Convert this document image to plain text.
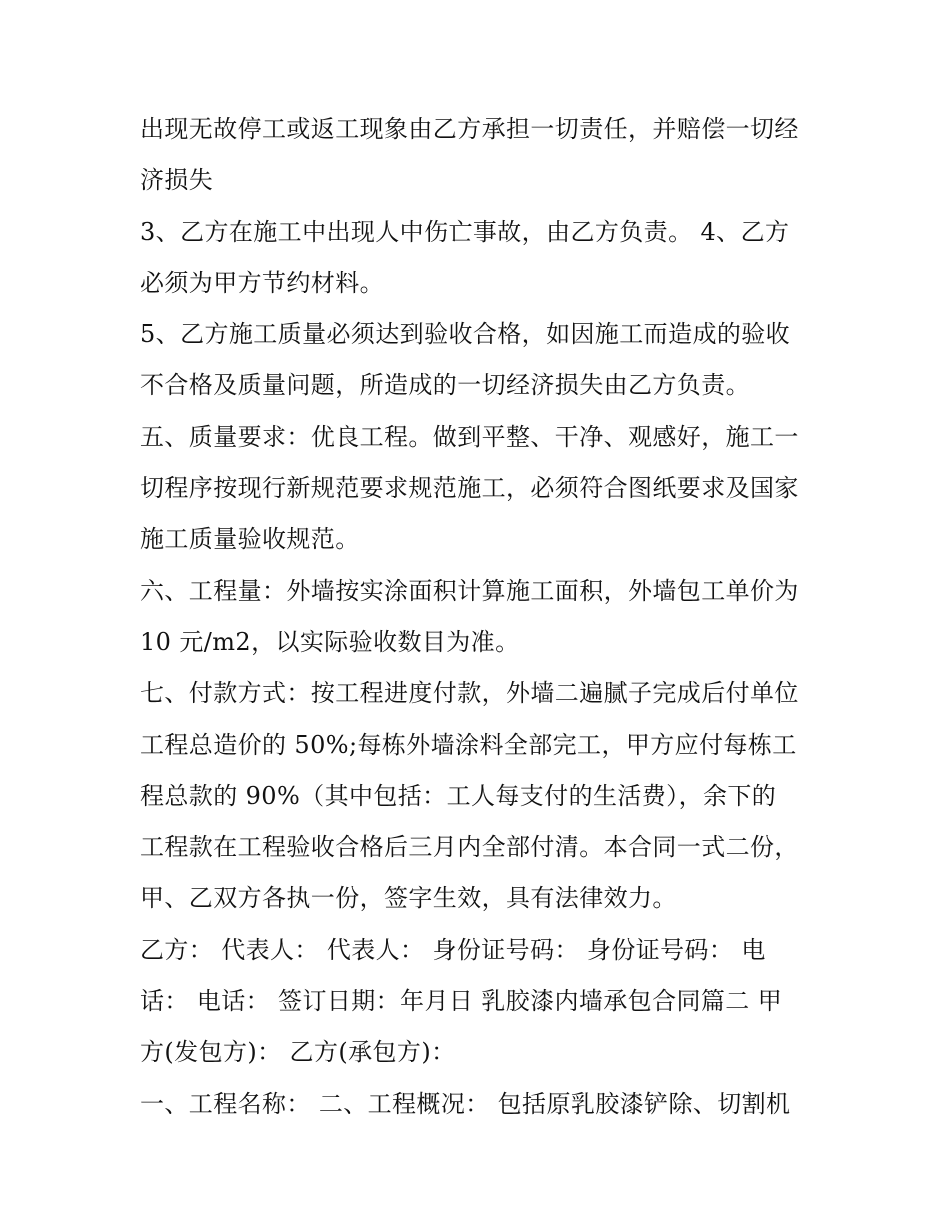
出现无故停工或返工现象由乙方承担一切责任，并赔偿一切经
济损失
3、乙方在施工中出现人中伤亡事故，由乙方负责。 4、乙方
必须为甲方节约材料。
5、乙方施工质量必须达到验收合格，如因施工而造成的验收
不合格及质量问题，所造成的一切经济损失由乙方负责。
五、质量要求：优良工程。做到平整、干净、观感好，施工一
切程序按现行新规范要求规范施工，必须符合图纸要求及国家
施工质量验收规范。
六、工程量：外墙按实涂面积计算施工面积，外墙包工单价为
10 元/m2，以实际验收数目为准。
七、付款方式：按工程进度付款，外墙二遍腻子完成后付单位
工程总造价的 50%;每栋外墙涂料全部完工，甲方应付每栋工
程总款的 90%（其中包括：工人每支付的生活费），余下的
工程款在工程验收合格后三月内全部付清。本合同一式二份，
甲、乙双方各执一份，签字生效，具有法律效力。
乙方： 代表人： 代表人： 身份证号码： 身份证号码： 电
话： 电话： 签订日期：年月日 乳胶漆内墙承包合同篇二 甲
方(发包方)： 乙方(承包方)：
一、工程名称： 二、工程概况： 包括原乳胶漆铲除、切割机
